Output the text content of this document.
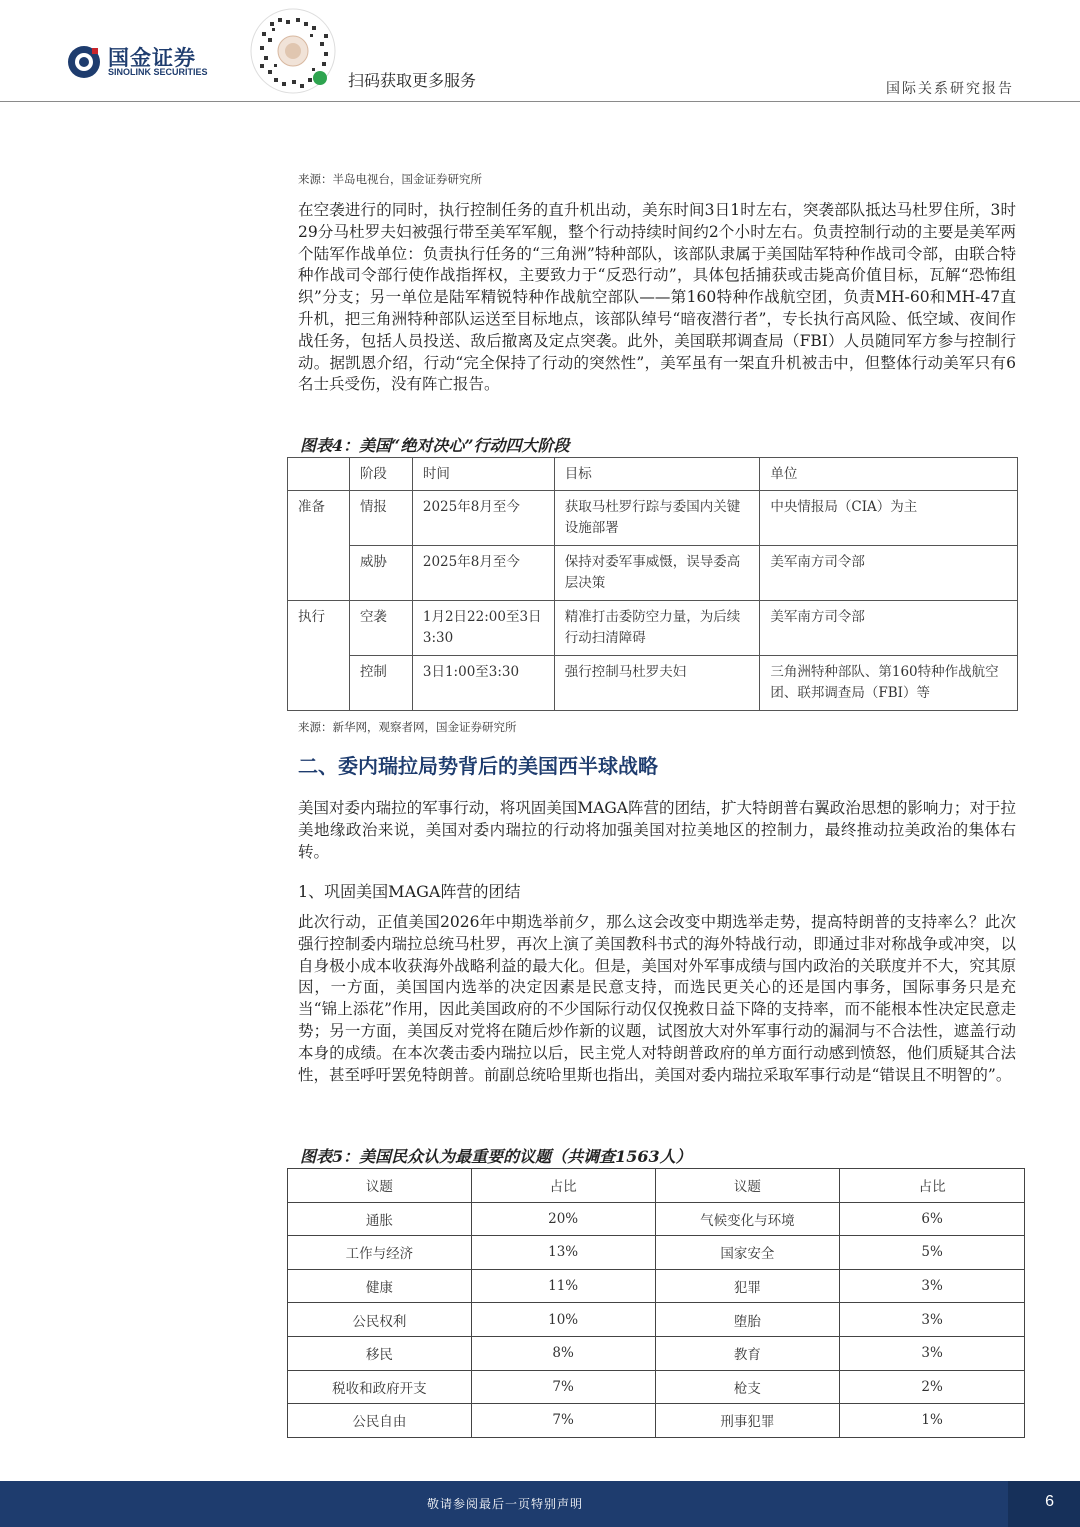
国金证券
SINOLINK SECURITIES	扫码获取更多服务	国际关系研究报告
来源：半岛电视台，国金证券研究所
在空袭进行的同时，执行控制任务的直升机出动，美东时间3日1时左右，突袭部队抵达马杜罗住所，3时29分马杜罗夫妇被强行带至美军军舰，整个行动持续时间约2个小时左右。负责控制行动的主要是美军两个陆军作战单位：负责执行任务的“三角洲”特种部队，该部队隶属于美国陆军特种作战司令部，由联合特种作战司令部行使作战指挥权，主要致力于“反恐行动”，具体包括捕获或击毙高价值目标，瓦解“恐怖组织”分支；另一单位是陆军精锐特种作战航空部队——第160特种作战航空团，负责MH-60和MH-47直升机，把三角洲特种部队运送至目标地点，该部队绰号“暗夜潜行者”，专长执行高风险、低空域、夜间作战任务，包括人员投送、敌后撤离及定点突袭。此外，美国联邦调查局（FBI）人员随同军方参与控制行动。据凯恩介绍，行动“完全保持了行动的突然性”，美军虽有一架直升机被击中，但整体行动美军只有6名士兵受伤，没有阵亡报告。
图表4：美国“绝对决心”行动四大阶段
	阶段	时间	目标	单位
准备	情报	2025年8月至今	获取马杜罗行踪与委国内关键设施部署	中央情报局（CIA）为主
	威胁	2025年8月至今	保持对委军事威慑，误导委高层决策	美军南方司令部
执行	空袭	1月2日22:00至3日3:30	精准打击委防空力量，为后续行动扫清障碍	美军南方司令部
	控制	3日1:00至3:30	强行控制马杜罗夫妇	三角洲特种部队、第160特种作战航空团、联邦调查局（FBI）等
来源：新华网，观察者网，国金证券研究所
二、委内瑞拉局势背后的美国西半球战略
美国对委内瑞拉的军事行动，将巩固美国MAGA阵营的团结，扩大特朗普右翼政治思想的影响力；对于拉美地缘政治来说，美国对委内瑞拉的行动将加强美国对拉美地区的控制力，最终推动拉美政治的集体右转。
1、巩固美国MAGA阵营的团结
此次行动，正值美国2026年中期选举前夕，那么这会改变中期选举走势，提高特朗普的支持率么？此次强行控制委内瑞拉总统马杜罗，再次上演了美国教科书式的海外特战行动，即通过非对称战争或冲突，以自身极小成本收获海外战略利益的最大化。但是，美国对外军事成绩与国内政治的关联度并不大，究其原因，一方面，美国国内选举的决定因素是民意支持，而选民更关心的还是国内事务，国际事务只是充当“锦上添花”作用，因此美国政府的不少国际行动仅仅挽救日益下降的支持率，而不能根本性决定民意走势；另一方面，美国反对党将在随后炒作新的议题，试图放大对外军事行动的漏洞与不合法性，遮盖行动本身的成绩。在本次袭击委内瑞拉以后，民主党人对特朗普政府的单方面行动感到愤怒，他们质疑其合法性，甚至呼吁罢免特朗普。前副总统哈里斯也指出，美国对委内瑞拉采取军事行动是“错误且不明智的”。
图表5：美国民众认为最重要的议题（共调查1563人）
议题	占比	议题	占比
通胀	20%	气候变化与环境	6%
工作与经济	13%	国家安全	5%
健康	11%	犯罪	3%
公民权利	10%	堕胎	3%
移民	8%	教育	3%
税收和政府开支	7%	枪支	2%
公民自由	7%	刑事犯罪	1%
敬请参阅最后一页特别声明	6
